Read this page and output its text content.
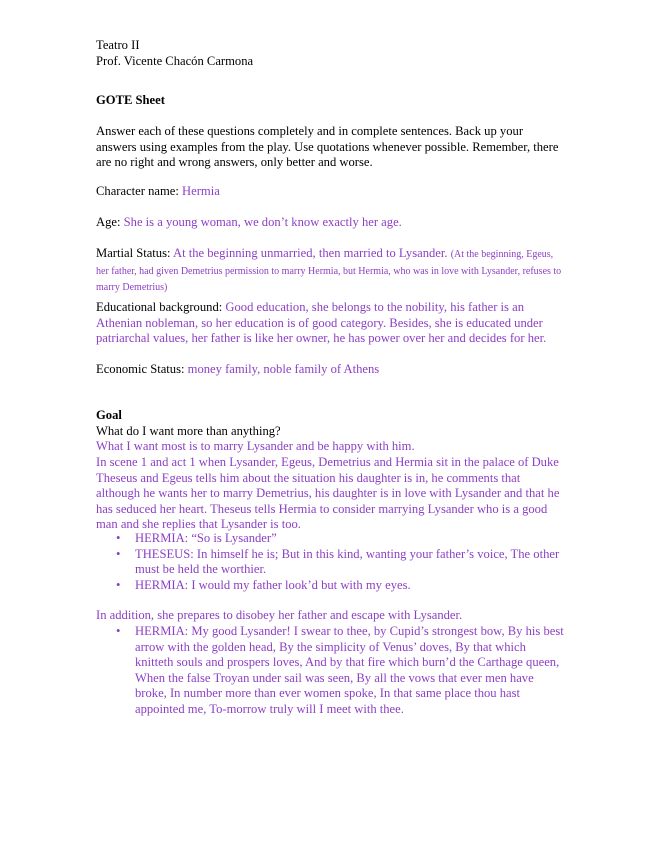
Teatro II
Prof. Vicente Chacón Carmona
GOTE Sheet

Answer each of these questions completely and in complete sentences. Back up your answers using examples from the play. Use quotations whenever possible. Remember, there are no right and wrong answers, only better and worse.

Character name: Hermia

Age: She is a young woman, we don’t know exactly her age.

Martial Status: At the beginning unmarried, then married to Lysander. (At the beginning, Egeus, her father, had given Demetrius permission to marry Hermia, but Hermia, who was in love with Lysander, refuses to marry Demetrius)

Educational background: Good education, she belongs to the nobility, his father is an Athenian nobleman, so her education is of good category. Besides, she is educated under patriarchal values, her father is like her owner, he has power over her and decides for her.

Economic Status: money family, noble family of Athens

Goal
What do I want more than anything?
What I want most is to marry Lysander and be happy with him.

In scene 1 and act 1 when Lysander, Egeus, Demetrius and Hermia sit in the palace of Duke Theseus and Egeus tells him about the situation his daughter is in, he comments that although he wants her to marry Demetrius, his daughter is in love with Lysander and that he has seduced her heart. Theseus tells Hermia to consider marrying Lysander who is a good man and she replies that Lysander is too.

• HERMIA: “So is Lysander”
• THESEUS: In himself he is; But in this kind, wanting your father’s voice, The other must be held the worthier.
• HERMIA: I would my father look’d but with my eyes.

In addition, she prepares to disobey her father and escape with Lysander.

• HERMIA: My good Lysander! I swear to thee, by Cupid’s strongest bow, By his best arrow with the golden head, By the simplicity of Venus’ doves, By that which knitteth souls and prospers loves, And by that fire which burn’d the Carthage queen, When the false Troyan under sail was seen, By all the vows that ever men have broke, In number more than ever women spoke, In that same place thou hast appointed me, To-morrow truly will I meet with thee.
